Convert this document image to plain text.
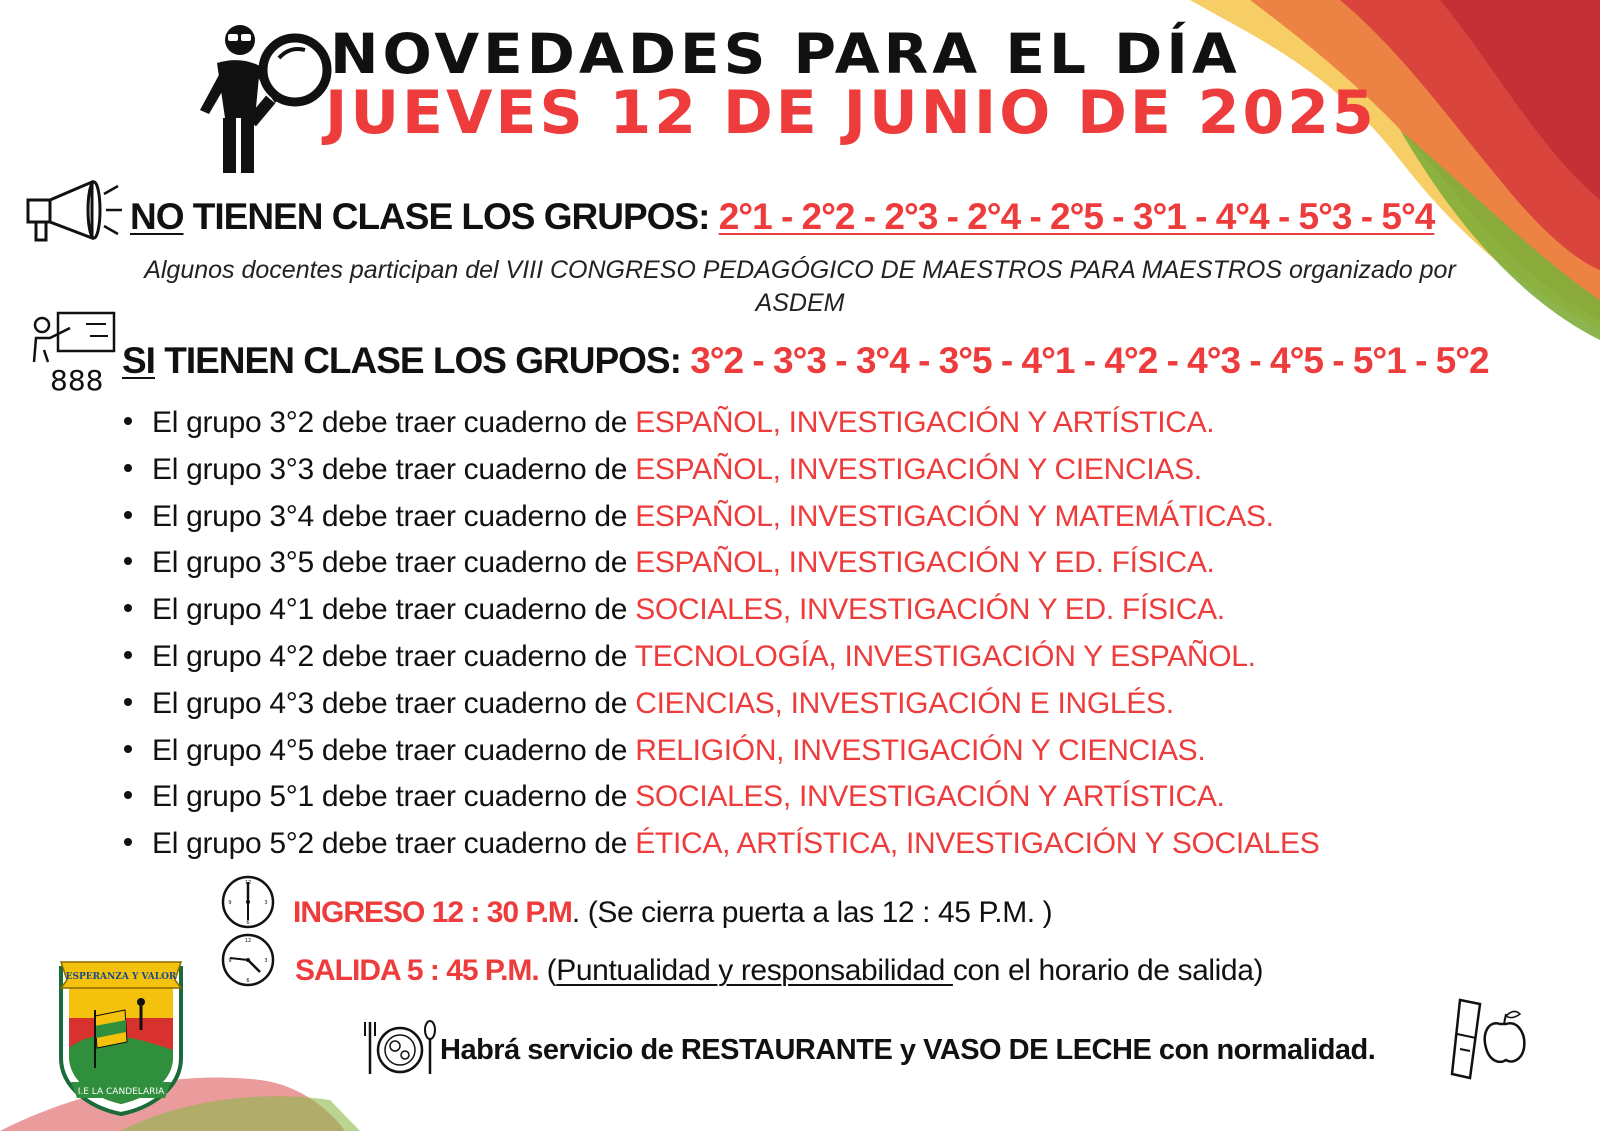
NOVEDADES PARA EL DÍA
JUEVES 12 DE JUNIO DE 2025
NO TIENEN CLASE LOS GRUPOS: 2°1 - 2°2 - 2°3 - 2°4 - 2°5 - 3°1 - 4°4 - 5°3 - 5°4
Algunos docentes participan del VIII CONGRESO PEDAGÓGICO DE MAESTROS PARA MAESTROS organizado por
ASDEM
888 SI TIENEN CLASE LOS GRUPOS: 3°2 - 3°3 - 3°4 - 3°5 - 4°1 - 4°2 - 4°3 - 4°5 - 5°1 - 5°2
El grupo 3°2 debe traer cuaderno de ESPAÑOL, INVESTIGACIÓN Y ARTÍSTICA.
El grupo 3°3 debe traer cuaderno de ESPAÑOL, INVESTIGACIÓN Y CIENCIAS.
El grupo 3°4 debe traer cuaderno de ESPAÑOL, INVESTIGACIÓN Y MATEMÁTICAS.
El grupo 3°5 debe traer cuaderno de ESPAÑOL, INVESTIGACIÓN Y ED. FÍSICA.
El grupo 4°1 debe traer cuaderno de SOCIALES, INVESTIGACIÓN Y ED. FÍSICA.
El grupo 4°2 debe traer cuaderno de TECNOLOGÍA, INVESTIGACIÓN Y ESPAÑOL.
El grupo 4°3 debe traer cuaderno de CIENCIAS, INVESTIGACIÓN E INGLÉS.
El grupo 4°5 debe traer cuaderno de RELIGIÓN, INVESTIGACIÓN Y CIENCIAS.
El grupo 5°1 debe traer cuaderno de SOCIALES, INVESTIGACIÓN Y ARTÍSTICA.
El grupo 5°2 debe traer cuaderno de ÉTICA, ARTÍSTICA, INVESTIGACIÓN Y SOCIALES
12
3
6
9
12
3
6
9
INGRESO 12 : 30 P.M. (Se cierra puerta a las 12 : 45 P.M. )
SALIDA 5 : 45 P.M. (Puntualidad y responsabilidad con el horario de salida)
Habrá servicio de RESTAURANTE y VASO DE LECHE con normalidad.
ESPERANZA Y VALOR
I.E LA CANDELARIA
